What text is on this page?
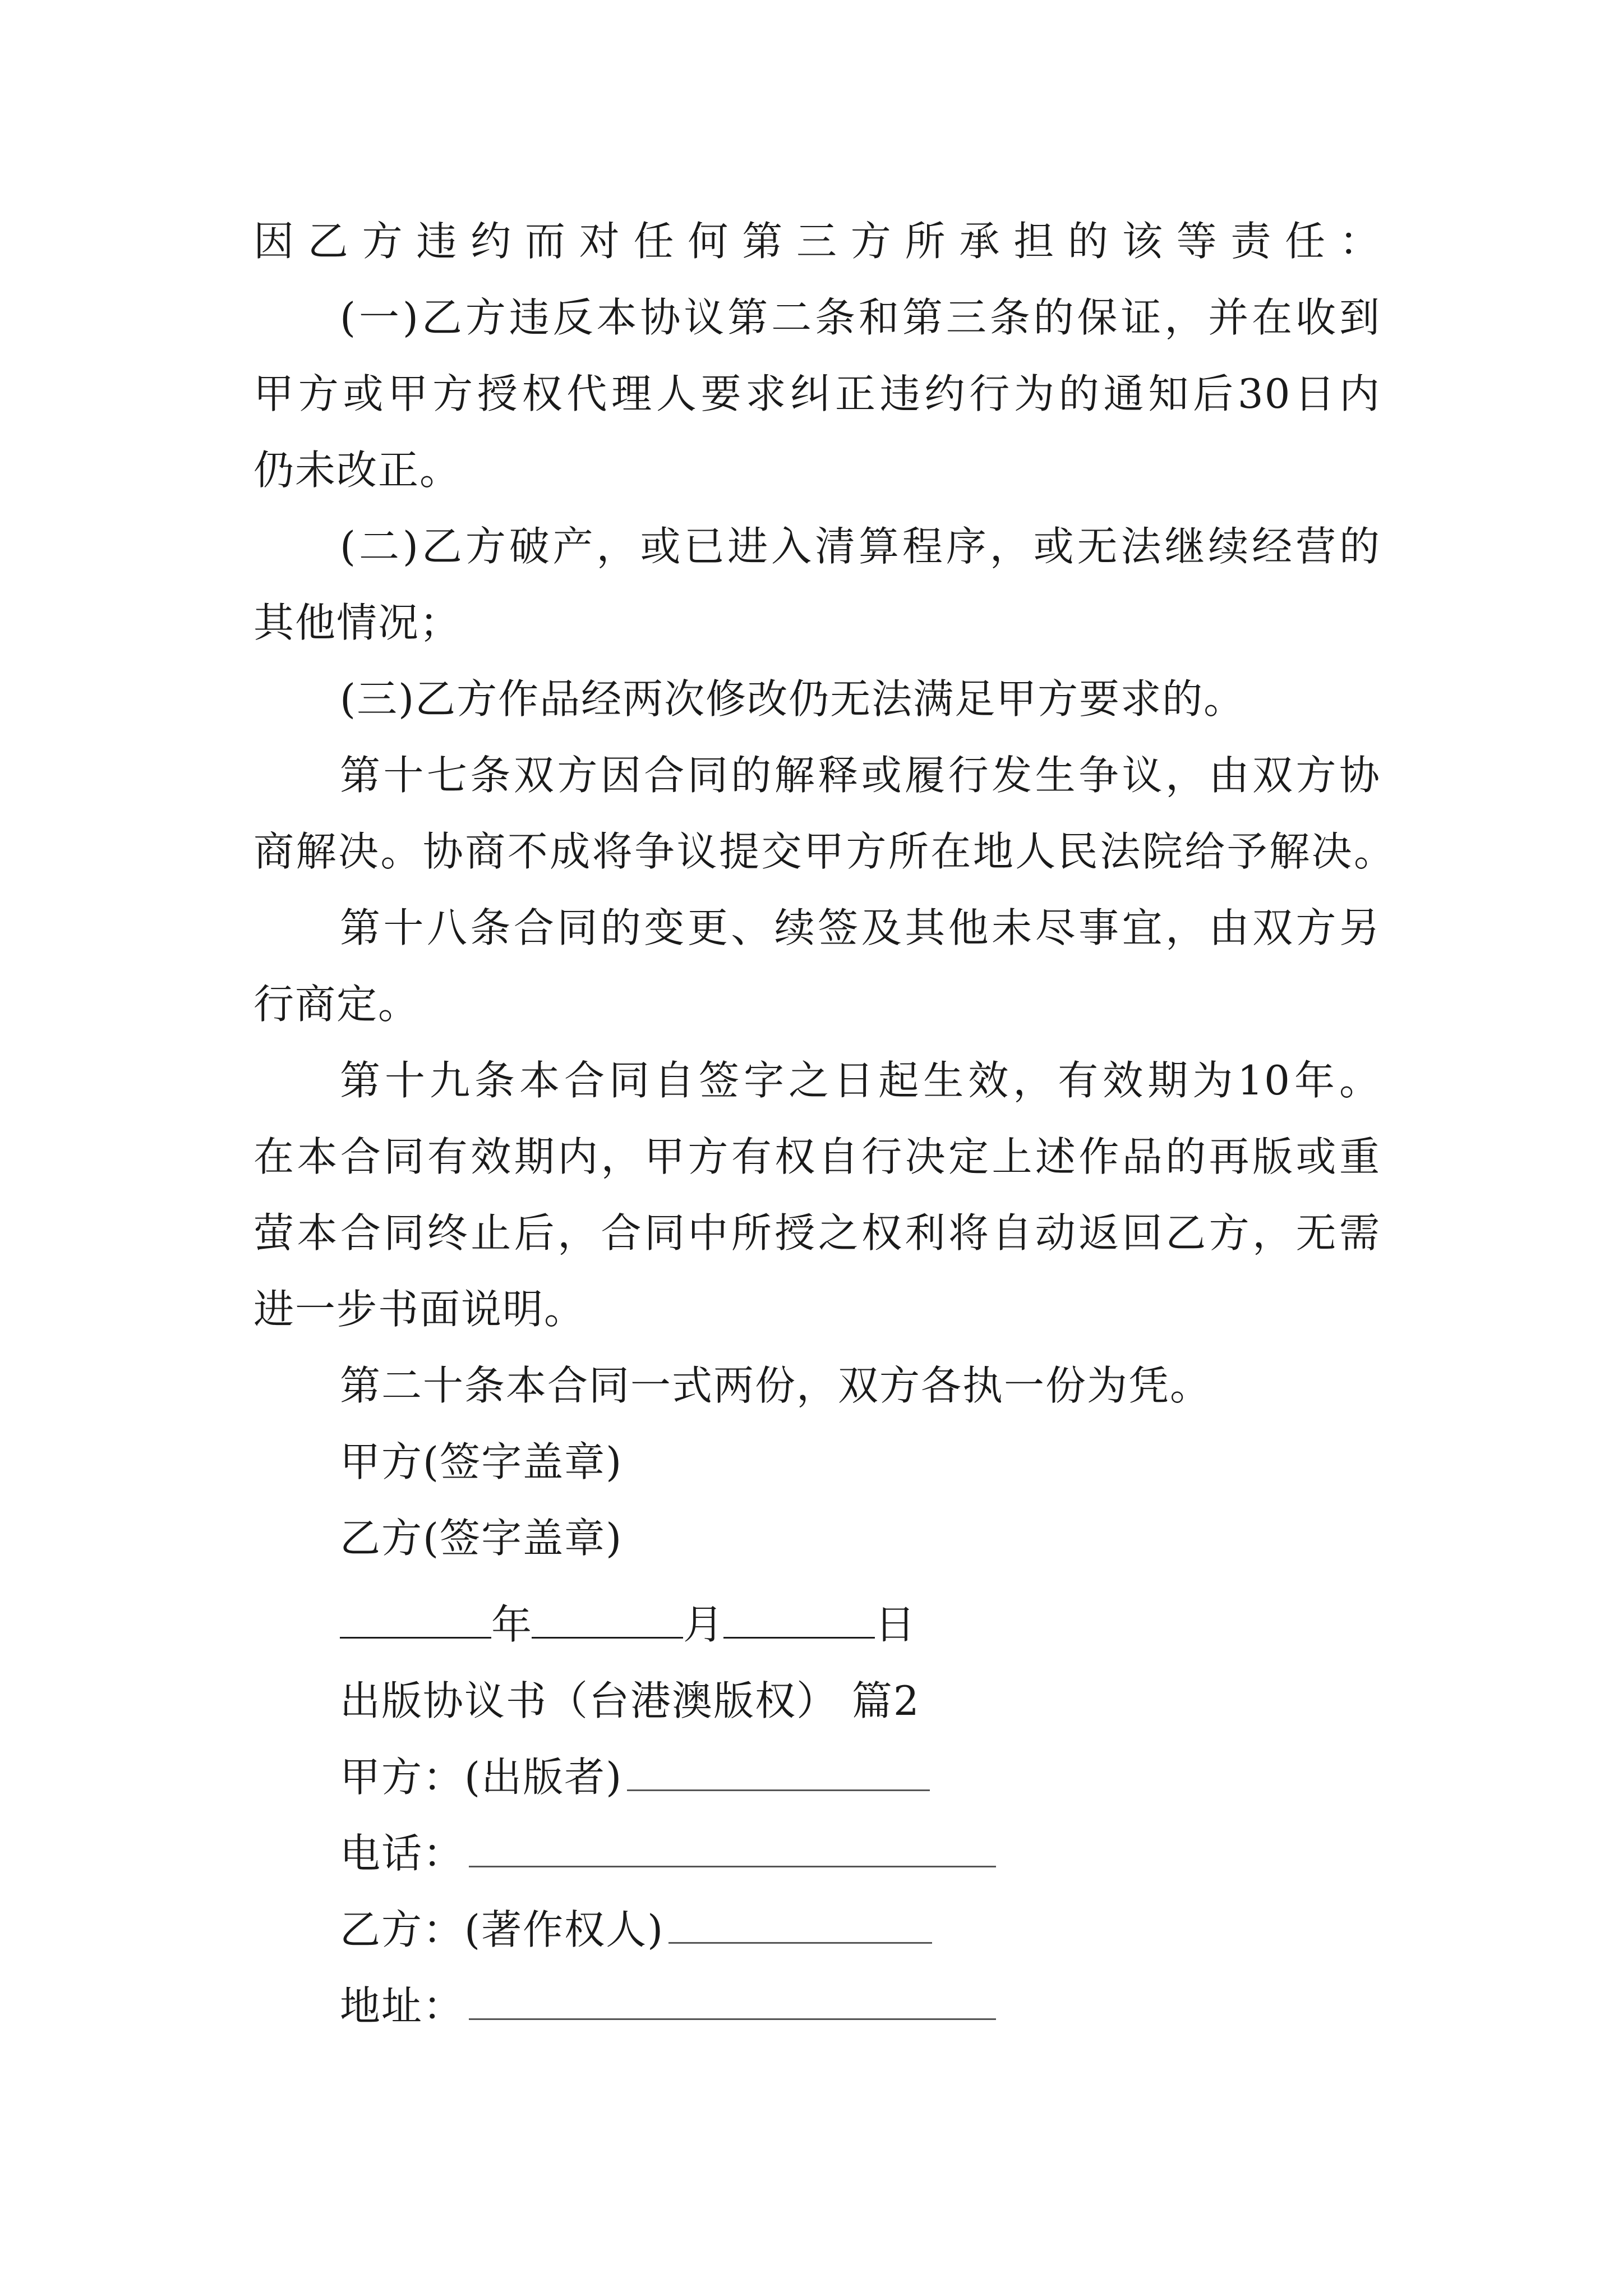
因乙方违约而对任何第三方所承担的该等责任：
(一)乙方违反本协议第二条和第三条的保证，并在收到
甲方或甲方授权代理人要求纠正违约行为的通知后30日内
仍未改正。
(二)乙方破产，或已进入清算程序，或无法继续经营的
其他情况；
(三)乙方作品经两次修改仍无法满足甲方要求的。
第十七条双方因合同的解释或履行发生争议，由双方协
商解决。协商不成将争议提交甲方所在地人民法院给予解决。
第十八条合同的变更、续签及其他未尽事宜，由双方另
行商定。
第十九条本合同自签字之日起生效，有效期为10年。
在本合同有效期内，甲方有权自行决定上述作品的再版或重
萤本合同终止后，合同中所授之权利将自动返回乙方，无需
进一步书面说明。
第二十条本合同一式两份，双方各执一份为凭。
甲方(签字盖章)
乙方(签字盖章)
年	月	日
出版协议书（台港澳版权） 篇2
甲方：(出版者)
电话：
乙方：(著作权人)
地址：
